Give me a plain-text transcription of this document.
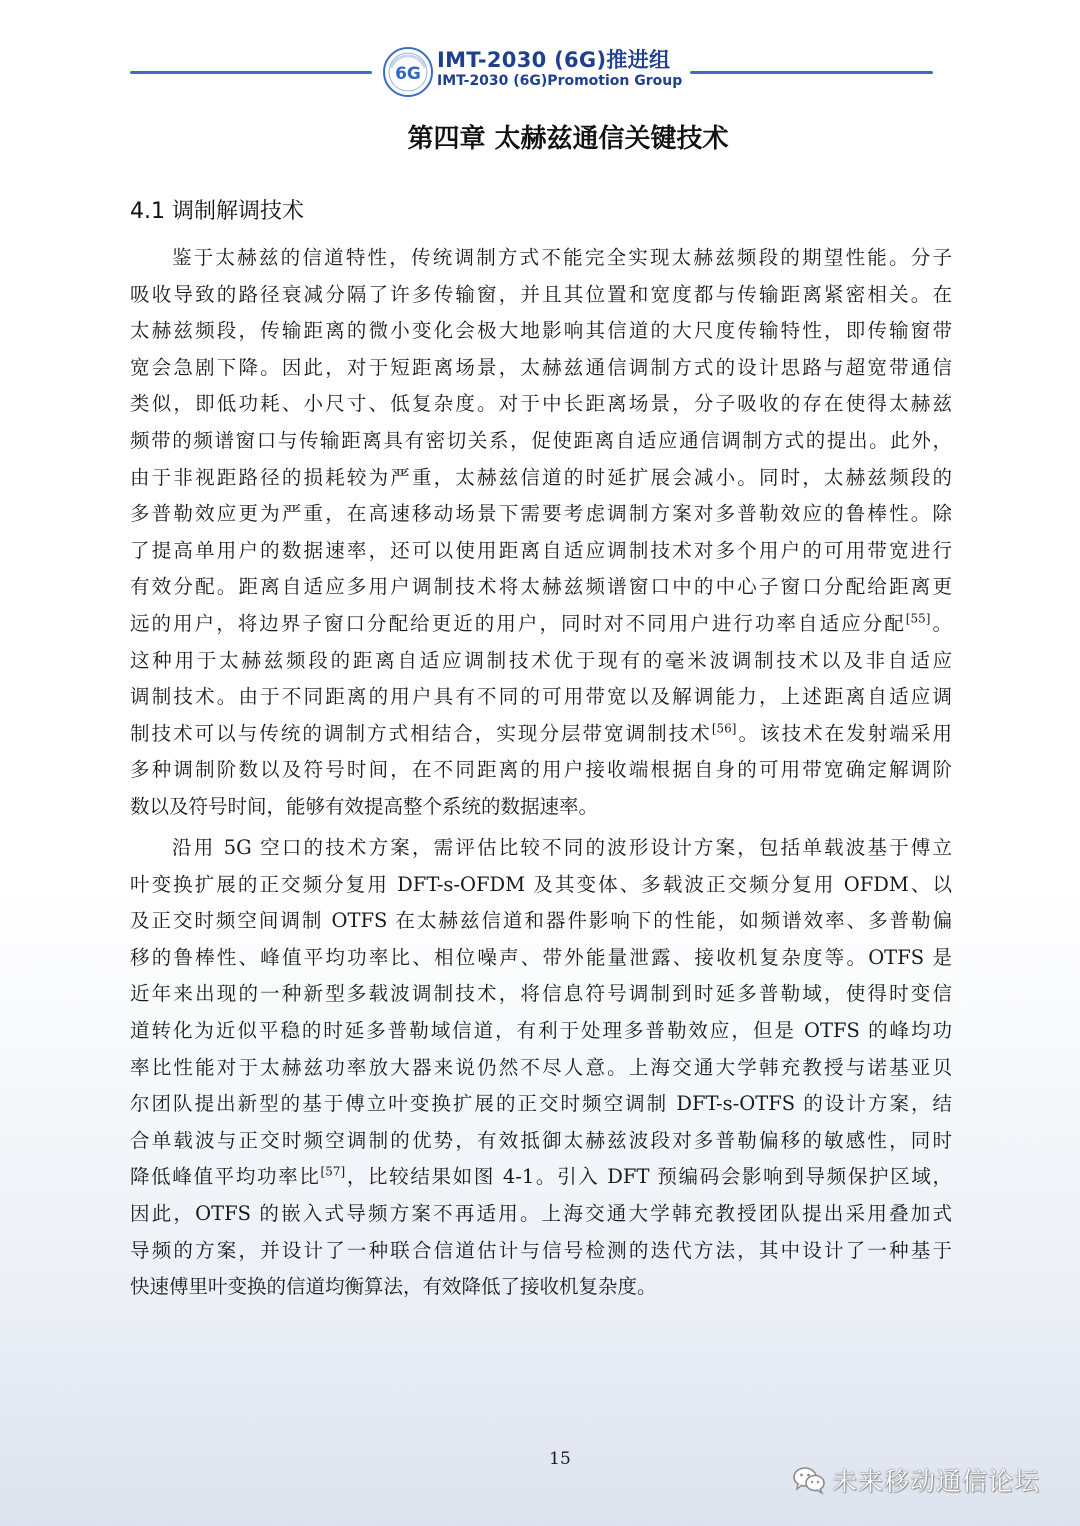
6G
IMT-2030 (6G)推进组
IMT-2030 (6G)Promotion Group
第四章 太赫兹通信关键技术
4.1 调制解调技术
鉴于太赫兹的信道特性，传统调制方式不能完全实现太赫兹频段的期望性能。分子
吸收导致的路径衰减分隔了许多传输窗，并且其位置和宽度都与传输距离紧密相关。在
太赫兹频段，传输距离的微小变化会极大地影响其信道的大尺度传输特性，即传输窗带
宽会急剧下降。因此，对于短距离场景，太赫兹通信调制方式的设计思路与超宽带通信
类似，即低功耗、小尺寸、低复杂度。对于中长距离场景，分子吸收的存在使得太赫兹
频带的频谱窗口与传输距离具有密切关系，促使距离自适应通信调制方式的提出。此外，
由于非视距路径的损耗较为严重，太赫兹信道的时延扩展会减小。同时，太赫兹频段的
多普勒效应更为严重，在高速移动场景下需要考虑调制方案对多普勒效应的鲁棒性。除
了提高单用户的数据速率，还可以使用距离自适应调制技术对多个用户的可用带宽进行
有效分配。距离自适应多用户调制技术将太赫兹频谱窗口中的中心子窗口分配给距离更
远的用户，将边界子窗口分配给更近的用户，同时对不同用户进行功率自适应分配[55]。
这种用于太赫兹频段的距离自适应调制技术优于现有的毫米波调制技术以及非自适应
调制技术。由于不同距离的用户具有不同的可用带宽以及解调能力，上述距离自适应调
制技术可以与传统的调制方式相结合，实现分层带宽调制技术[56]。该技术在发射端采用
多种调制阶数以及符号时间，在不同距离的用户接收端根据自身的可用带宽确定解调阶
数以及符号时间，能够有效提高整个系统的数据速率。
沿用 5G 空口的技术方案，需评估比较不同的波形设计方案，包括单载波基于傅立
叶变换扩展的正交频分复用 DFT-s-OFDM 及其变体、多载波正交频分复用 OFDM、以
及正交时频空间调制 OTFS 在太赫兹信道和器件影响下的性能，如频谱效率、多普勒偏
移的鲁棒性、峰值平均功率比、相位噪声、带外能量泄露、接收机复杂度等。OTFS 是
近年来出现的一种新型多载波调制技术，将信息符号调制到时延多普勒域，使得时变信
道转化为近似平稳的时延多普勒域信道，有利于处理多普勒效应，但是 OTFS 的峰均功
率比性能对于太赫兹功率放大器来说仍然不尽人意。上海交通大学韩充教授与诺基亚贝
尔团队提出新型的基于傅立叶变换扩展的正交时频空调制 DFT-s-OTFS 的设计方案，结
合单载波与正交时频空调制的优势，有效抵御太赫兹波段对多普勒偏移的敏感性，同时
降低峰值平均功率比[57]，比较结果如图 4-1。引入 DFT 预编码会影响到导频保护区域，
因此，OTFS 的嵌入式导频方案不再适用。上海交通大学韩充教授团队提出采用叠加式
导频的方案，并设计了一种联合信道估计与信号检测的迭代方法，其中设计了一种基于
快速傅里叶变换的信道均衡算法，有效降低了接收机复杂度。
15
未来移动通信论坛
